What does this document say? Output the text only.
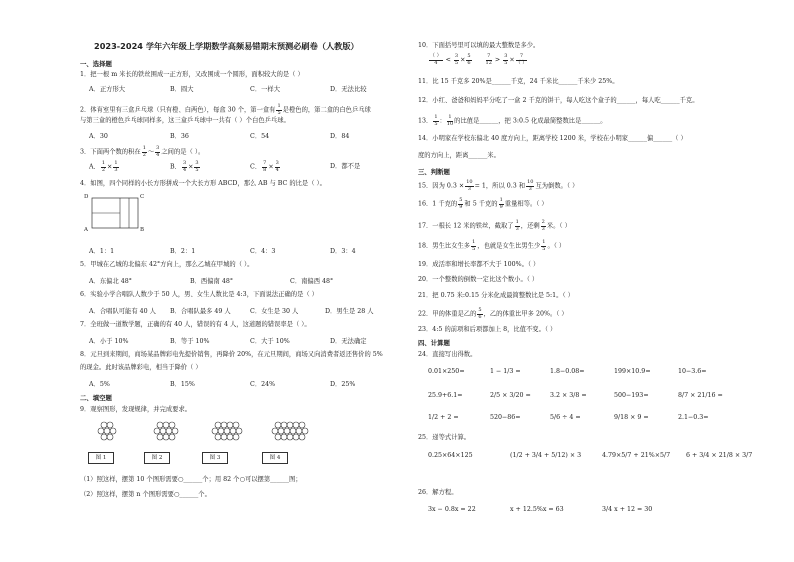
2023-2024 学年六年级上学期数学高频易错期末预测必刷卷（人教版）
一、选择题
1．把一根 m 米长的铁丝围成一正方形，又改围成一个圆形，面积较大的是（ ）
A．正方形大	B．圆大	C．一样大	D．无法比较
2．体育室里有三盒乒乓球（只有橙、白两色），每盒 30 个，第一盒有 $\frac{1}{5}$ 是橙色的，第二盒的白色乒乓球
与第三盒的橙色乒乓球同样多，这三盒乒乓球中一共有（ ）个白色乒乓球。
A．30	B．36	C．54	D．84
3．下面两个数的积在 $\frac{1}{2}$ ～ $\frac{3}{4}$ 之间的是（ ）。
A． $\frac{1}{2} \times \frac{1}{3}$	B． $\frac{3}{4} \times \frac{3}{5}$	C． $\frac{7}{8} \times \frac{3}{4}$	D．都不是
4．如图，四个同样的小长方形拼成一个大长方形 ABCD，那么 AB 与 BC 的比是（ ）。
D	C
A	B
A．1：1	B．2：1	C．4：3	D．3：4
5．甲城在乙城的北偏东 42°方向上，那么乙城在甲城的（ ）。
A．东偏北 48°	B．西偏南 48°	C．南偏西 48°
6．实验小学合唱队人数少于 50 人，男、女生人数比是 4:3，下面说法正确的是（ ）
A．合唱队可能有 40 人 B．合唱队最多 49 人	C．女生是 30 人	D．男生是 28 人
7．全班做一道数学题，正确的有 40 人，错误的有 4 人，这道题的错误率是（ ）。
A．小于 10%	B．等于 10%	C．大于 10%	D．无法确定
8．元旦到来期间，商场某品牌彩电先提价销售，再降价 20%，在元旦期间，商场又向消费者返还售价的 5%
的现金。此时该品牌彩电，相当于降价（ ）
A．5%	B．15%	C．24%	D．25%
二、填空题
9．观察图形，发现规律，并完成要求。
图 1	图 2	图 3	图 4
（1）照这样，摆第 10 个图形需要○______个；用 82 个○可以摆第______图；
（2）照这样，摆第 n 个图形需要○______个。
10．下面括号里可以填的最大整数是多少。
$\frac{( )}{4} < \frac{3}{5} \times \frac{5}{6}$
	$\frac{7}{12} > \frac{3}{5} \times \frac{7}{( )}$
11．比 15 千克多 20%是______千克，24 千米比______千米少 25%。
12．小红、爸爸和妈妈平分吃了一盒 2 千克的饼干，每人吃这个盒子的______，每人吃______千克。
13． $\frac{1}{5}$ ： $\frac{1}{10}$ 的比值是______，把 3:0.5 化成最简整数比是______。
14．小明家在学校东偏北 40 度方向上，距离学校 1200 米，学校在小明家______偏______（ ）
度的方向上，距离______米。
三、判断题
15．因为 $0.3 \times \frac{10}{3} = 1$，所以 0.3 和 $\frac{10}{3}$ 互为倒数。（ ）
16．1 千克的 $\frac{5}{9}$ 和 5 千克的 $\frac{1}{9}$ 重量相等。（ ）
17．一根长 12 米的铁丝，截取了 $\frac{1}{3}$ ，还剩 $\frac{2}{3}$ 米。（ ）
18．男生比女生多 $\frac{1}{5}$ ，也就是女生比男生少 $\frac{1}{5}$ 。（ ）
19．成活率和增长率都不大于 100%。（ ）
20．一个整数的倒数一定比这个数小。（ ）
21．把 0.75 米:0.15 分米化成最简整数比是 5:1。（ ）
22．甲的体重是乙的 $\frac{5}{6}$ ，乙的体重比甲多 20%。（ ）
23．4:5 的前项和后项都加上 8，比值不变。（ ）
四、计算题
24．直接写出得数。
0.01×250=	1 − 1/3 =	1.8−0.08=	199×10.9=	10−3.6=
25.9+6.1=	2/5 × 3/20 =	3.2 × 3/8 =	500−193=	8/7 × 21/16 =
1/2 + 2 =	520−86=	5/6 ÷ 4 =	9/18 × 9 =	2.1−0.3=
25．递等式计算。
0.25×64×125	(1/2 + 3/4 + 5/12) × 3	4.79×5/7 + 21%×5/7	6 + 3/4 × 21/8 × 3/7
26．解方程。
3x − 0.8x = 22	x + 12.5%x = 63	3/4 x + 12 = 30
